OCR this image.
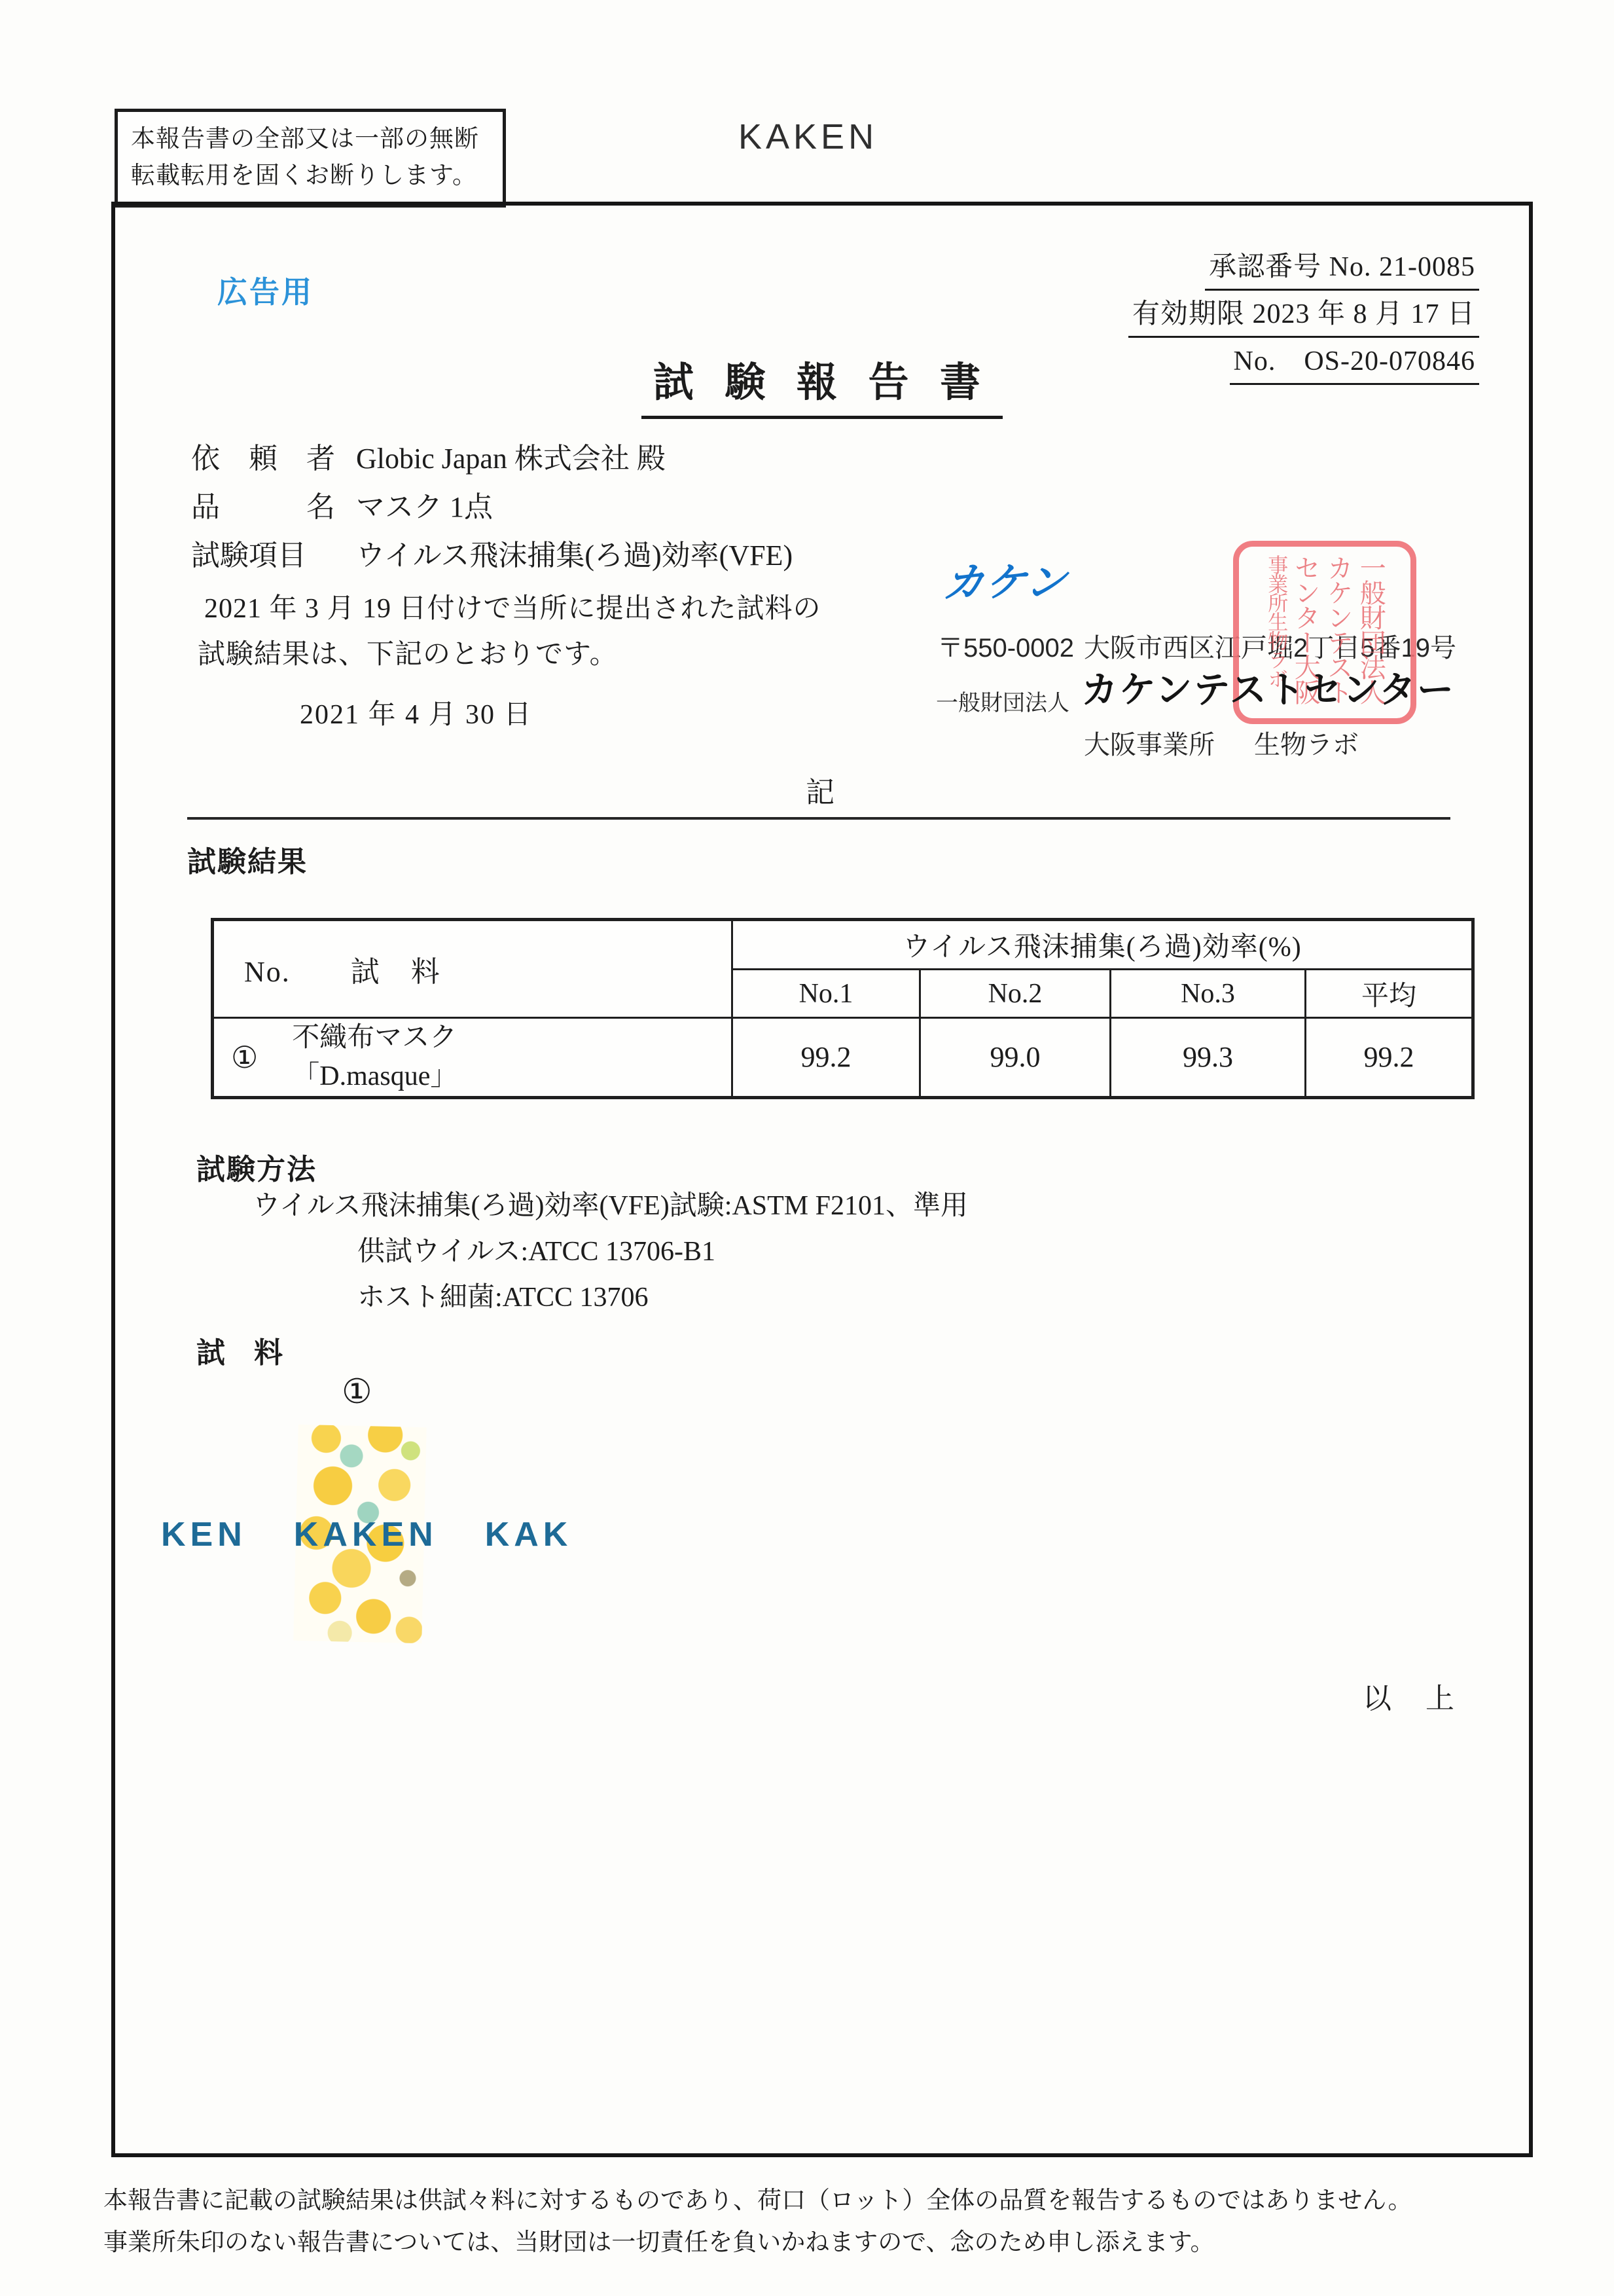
本報告書の全部又は一部の無断
転載転用を固くお断りします。
KAKEN
広告用
承認番号 No. 21-0085
有効期限 2023 年 8 月 17 日
No.　OS-20-070846
試 験 報 告 書
依　頼　者 Globic Japan 株式会社 殿
品　　　名 マスク 1点
試験項目	ウイルス飛沫捕集(ろ過)効率(VFE)
2021 年 3 月 19 日付けで当所に提出された試料の
試験結果は、下記のとおりです。
2021 年 4 月 30 日
カケン
〒550-0002 大阪市西区江戸堀2丁目5番19号
一般財団法人 カケンテストセンター
大阪事業所 生物ラボ
一般財団法人
カケンテスト
センター大阪
事業所生物ラボ
記
試験結果
No.　　試　料	ウイルス飛沫捕集(ろ過)効率(%)			
	No.1	No.2	No.3	平均

①
不織布マスク
「D.masque」	99.2	99.0	99.3	99.2
試験方法
ウイルス飛沫捕集(ろ過)効率(VFE)試験:ASTM F2101、準用
供試ウイルス:ATCC 13706-B1
ホスト細菌:ATCC 13706
試　料
①
KEN KAKEN KAK
以　上
本報告書に記載の試験結果は供試々料に対するものであり、荷口（ロット）全体の品質を報告するものではありません。
事業所朱印のない報告書については、当財団は一切責任を負いかねますので、念のため申し添えます。
